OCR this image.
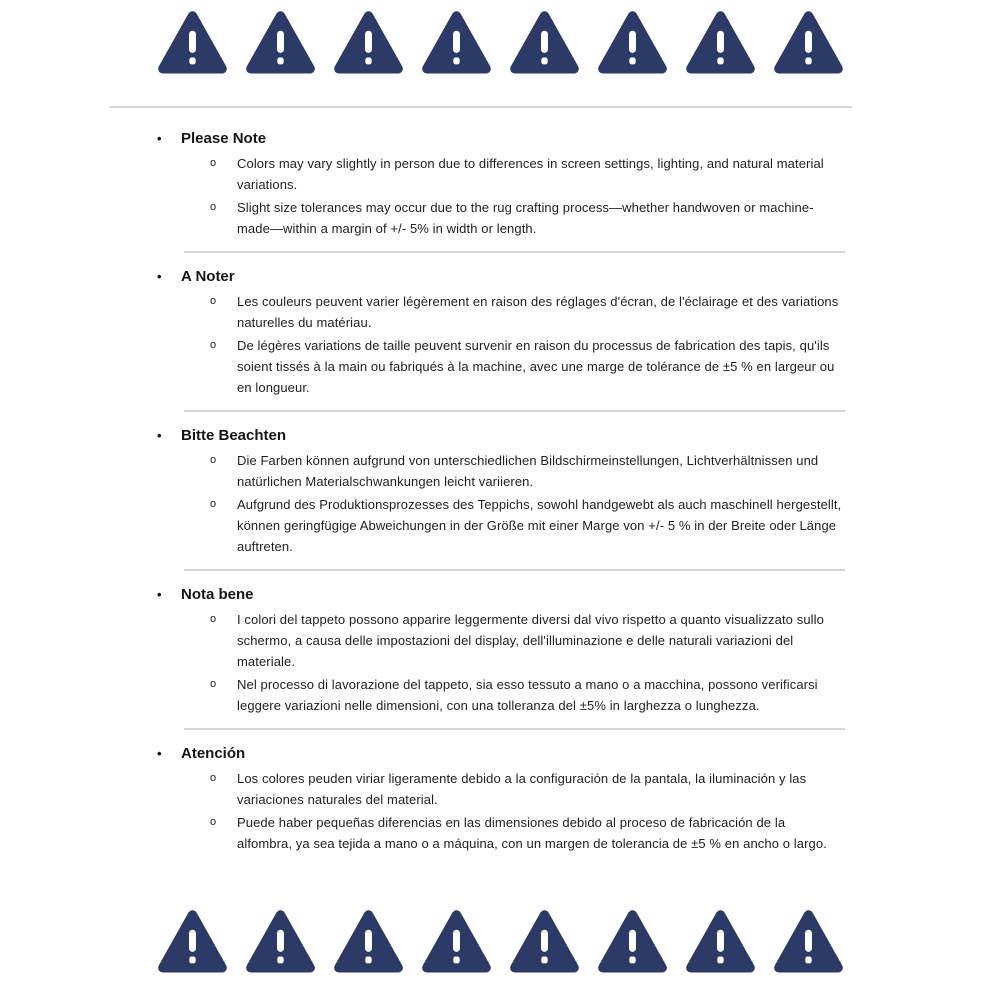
•	Please Note
o	Colors may vary slightly in person due to differences in screen settings, lighting, and natural material variations.
o	Slight size tolerances may occur due to the rug crafting process—whether handwoven or machine-made—within a margin of +/- 5% in width or length.
•	A Noter
o	Les couleurs peuvent varier légèrement en raison des réglages d'écran, de l'éclairage et des variations naturelles du matériau.
o	De légères variations de taille peuvent survenir en raison du processus de fabrication des tapis, qu'ils soient tissés à la main ou fabriqués à la machine, avec une marge de tolérance de ±5 % en largeur ou en longueur.
•	Bitte Beachten
o	Die Farben können aufgrund von unterschiedlichen Bildschirmeinstellungen, Lichtverhältnissen und natürlichen Materialschwankungen leicht variieren.
o	Aufgrund des Produktionsprozesses des Teppichs, sowohl handgewebt als auch maschinell hergestellt, können geringfügige Abweichungen in der Größe mit einer Marge von +/- 5 % in der Breite oder Länge auftreten.
•	Nota bene
o	I colori del tappeto possono apparire leggermente diversi dal vivo rispetto a quanto visualizzato sullo schermo, a causa delle impostazioni del display, dell'illuminazione e delle naturali variazioni del materiale.
o	Nel processo di lavorazione del tappeto, sia esso tessuto a mano o a macchina, possono verificarsi leggere variazioni nelle dimensioni, con una tolleranza del ±5% in larghezza o lunghezza.
•	Atención
o	Los colores peuden viriar ligeramente debido a la configuración de la pantala, la iluminación y las variaciones naturales del material.
o	Puede haber pequeñas diferencias en las dimensiones debido al proceso de fabricación de la alfombra, ya sea tejida a mano o a máquina, con un margen de tolerancia de ±5 % en ancho o largo.
